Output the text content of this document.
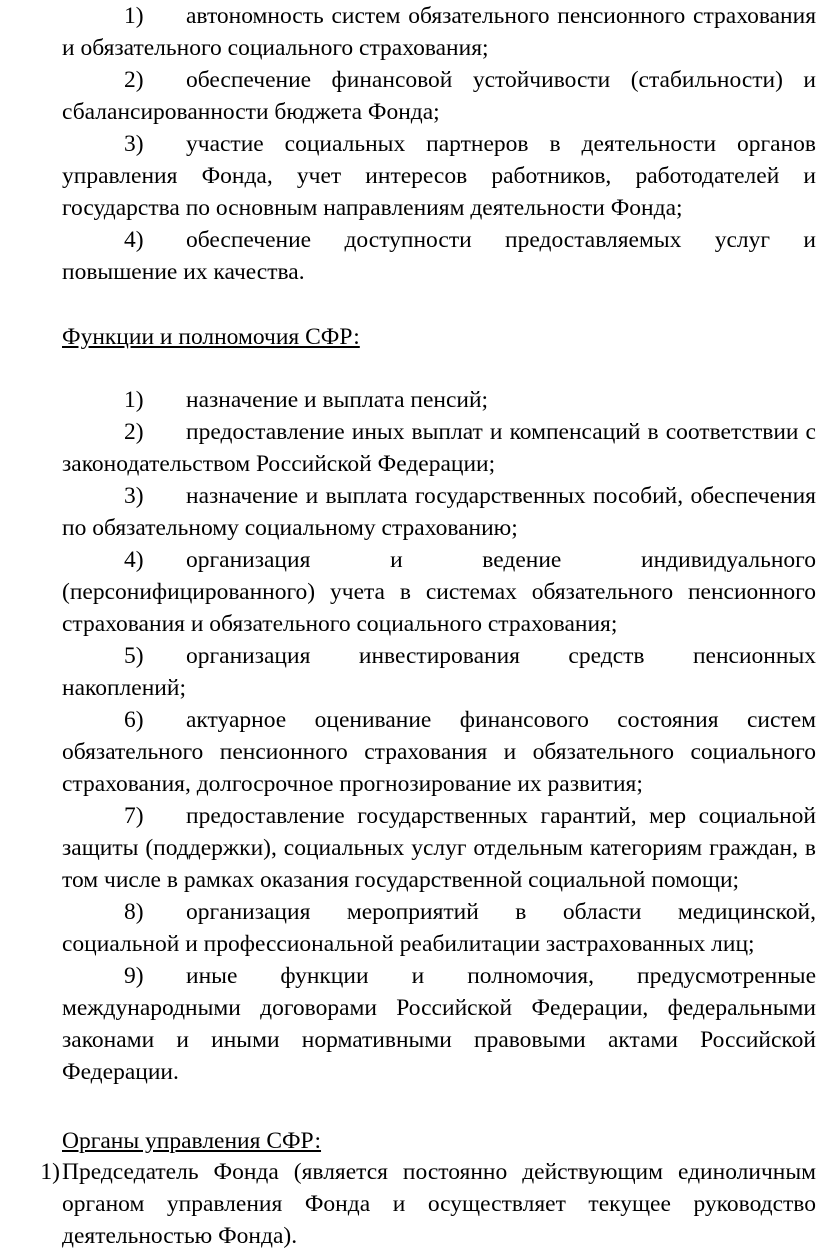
1) автономность систем обязательного пенсионного страхования и обязательного социального страхования;

2) обеспечение финансовой устойчивости (стабильности) и сбалансированности бюджета Фонда;

3) участие социальных партнеров в деятельности органов управления Фонда, учет интересов работников, работодателей и государства по основным направлениям деятельности Фонда;

4) обеспечение доступности предоставляемых услуг и повышение их качества.

Функции и полномочия СФР:

1) назначение и выплата пенсий;

2) предоставление иных выплат и компенсаций в соответствии с законодательством Российской Федерации;

3) назначение и выплата государственных пособий, обеспечения по обязательному социальному страхованию;

4) организация и ведение индивидуального (персонифицированного) учета в системах обязательного пенсионного страхования и обязательного социального страхования;

5) организация инвестирования средств пенсионных накоплений;

6) актуарное оценивание финансового состояния систем обязательного пенсионного страхования и обязательного социального страхования, долгосрочное прогнозирование их развития;

7) предоставление государственных гарантий, мер социальной защиты (поддержки), социальных услуг отдельным категориям граждан, в том числе в рамках оказания государственной социальной помощи;

8) организация мероприятий в области медицинской, социальной и профессиональной реабилитации застрахованных лиц;

9) иные функции и полномочия, предусмотренные международными договорами Российской Федерации, федеральными законами и иными нормативными правовыми актами Российской Федерации.

Органы управления СФР:

1) Председатель Фонда (является постоянно действующим единоличным органом управления Фонда и осуществляет текущее руководство деятельностью Фонда).
